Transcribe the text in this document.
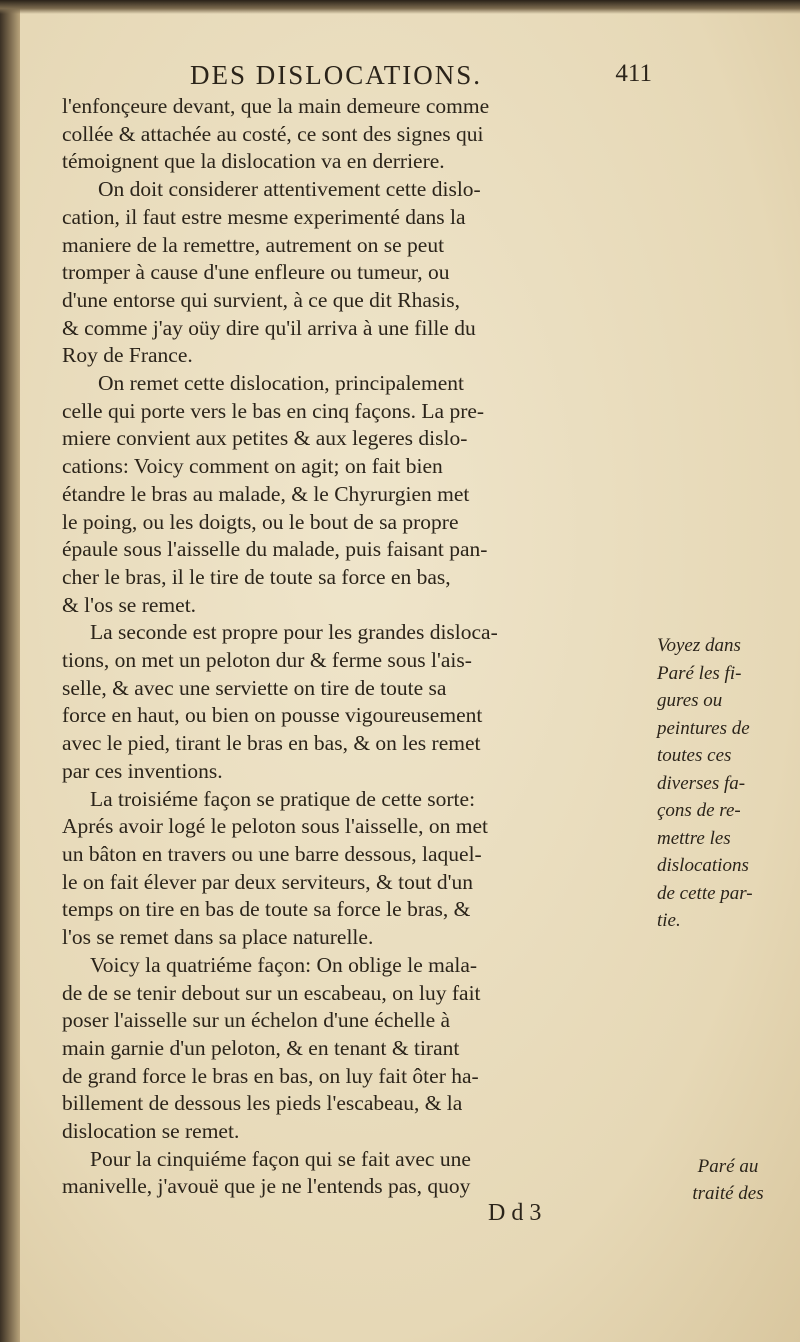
DES DISLOCATIONS.	411
l'enfonçeure devant, que la main demeure comme
collée & attachée au costé, ce sont des signes qui
témoignent que la dislocation va en derriere.
On doit considerer attentivement cette dislo-
cation, il faut estre mesme experimenté dans la
maniere de la remettre, autrement on se peut
tromper à cause d'une enfleure ou tumeur, ou
d'une entorse qui survient, à ce que dit Rhasis,
& comme j'ay oüy dire qu'il arriva à une fille du
Roy de France.
On remet cette dislocation, principalement
celle qui porte vers le bas en cinq façons. La pre-
miere convient aux petites & aux legeres dislo-
cations: Voicy comment on agit; on fait bien
étandre le bras au malade, & le Chyrurgien met
le poing, ou les doigts, ou le bout de sa propre
épaule sous l'aisselle du malade, puis faisant pan-
cher le bras, il le tire de toute sa force en bas,
& l'os se remet.
La seconde est propre pour les grandes disloca-
tions, on met un peloton dur & ferme sous l'ais-
selle, & avec une serviette on tire de toute sa
force en haut, ou bien on pousse vigoureusement
avec le pied, tirant le bras en bas, & on les remet
par ces inventions.
La troisiéme façon se pratique de cette sorte:
Aprés avoir logé le peloton sous l'aisselle, on met
un bâton en travers ou une barre dessous, laquel-
le on fait élever par deux serviteurs, & tout d'un
temps on tire en bas de toute sa force le bras, &
l'os se remet dans sa place naturelle.
Voicy la quatriéme façon: On oblige le mala-
de de se tenir debout sur un escabeau, on luy fait
poser l'aisselle sur un échelon d'une échelle à
main garnie d'un peloton, & en tenant & tirant
de grand force le bras en bas, on luy fait ôter ha-
billement de dessous les pieds l'escabeau, & la
dislocation se remet.
Pour la cinquiéme façon qui se fait avec une
manivelle, j'avouë que je ne l'entends pas, quoy
D d 3
Voyez dans
Paré les fi-
gures ou
peintures de
toutes ces
diverses fa-
çons de re-
mettre les
dislocations
de cette par-
tie.
Paré au
traité des
